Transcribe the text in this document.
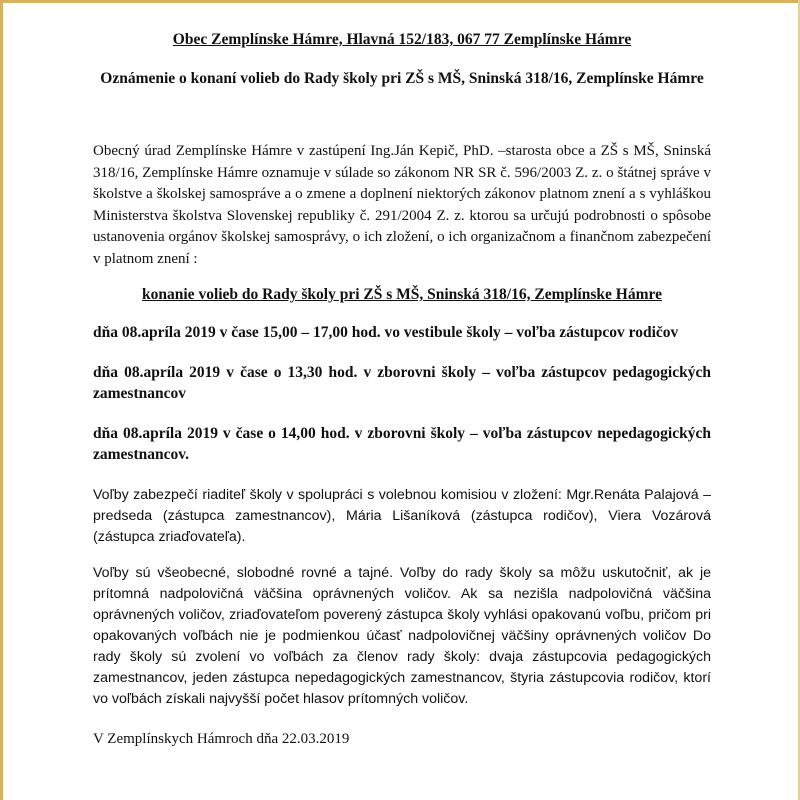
Obec Zemplínske Hámre, Hlavná 152/183, 067 77 Zemplínske Hámre

Oznámenie o konaní volieb do Rady školy pri ZŠ s MŠ, Sninská 318/16, Zemplínske Hámre

Obecný úrad Zemplínske Hámre v zastúpení Ing.Ján Kepič, PhD. –starosta obce a ZŠ s MŠ, Sninská 318/16, Zemplínske Hámre oznamuje v súlade so zákonom NR SR č. 596/2003 Z. z. o štátnej správe v školstve a školskej samospráve a o zmene a doplnení niektorých zákonov platnom znení a s vyhláškou Ministerstva školstva Slovenskej republiky č. 291/2004 Z. z. ktorou sa určujú podrobnosti o spôsobe ustanovenia orgánov školskej samosprávy, o ich zložení, o ich organizačnom a finančnom zabezpečení v platnom znení :

konanie volieb do Rady školy pri ZŠ s MŠ, Sninská 318/16, Zemplínske Hámre

dňa 08.apríla 2019 v čase 15,00 – 17,00 hod. vo vestibule školy – voľba zástupcov rodičov

dňa 08.apríla 2019 v čase o 13,30 hod. v zborovni školy – voľba zástupcov pedagogických zamestnancov

dňa 08.apríla 2019 v čase o 14,00 hod. v zborovni školy – voľba zástupcov nepedagogických zamestnancov.

Voľby zabezpečí riaditeľ školy v spolupráci s volebnou komisiou v zložení: Mgr.Renáta Palajová – predseda (zástupca zamestnancov), Mária Lišaníková (zástupca rodičov), Viera Vozárová (zástupca zriaďovateľa).

Voľby sú všeobecné, slobodné rovné a tajné. Voľby do rady školy sa môžu uskutočniť, ak je prítomná nadpolovičná väčšina oprávnených voličov. Ak sa nezišla nadpolovičná väčšina oprávnených voličov, zriaďovateľom poverený zástupca školy vyhlási opakovanú voľbu, pričom pri opakovaných voľbách nie je podmienkou účasť nadpolovičnej väčšiny oprávnených voličov Do rady školy sú zvolení vo voľbách za členov rady školy: dvaja zástupcovia pedagogických zamestnancov, jeden zástupca nepedagogických zamestnancov, štyria zástupcovia rodičov, ktorí vo voľbách získali najvyšší počet hlasov prítomných voličov.

V Zemplínskych Hámroch dňa 22.03.2019
